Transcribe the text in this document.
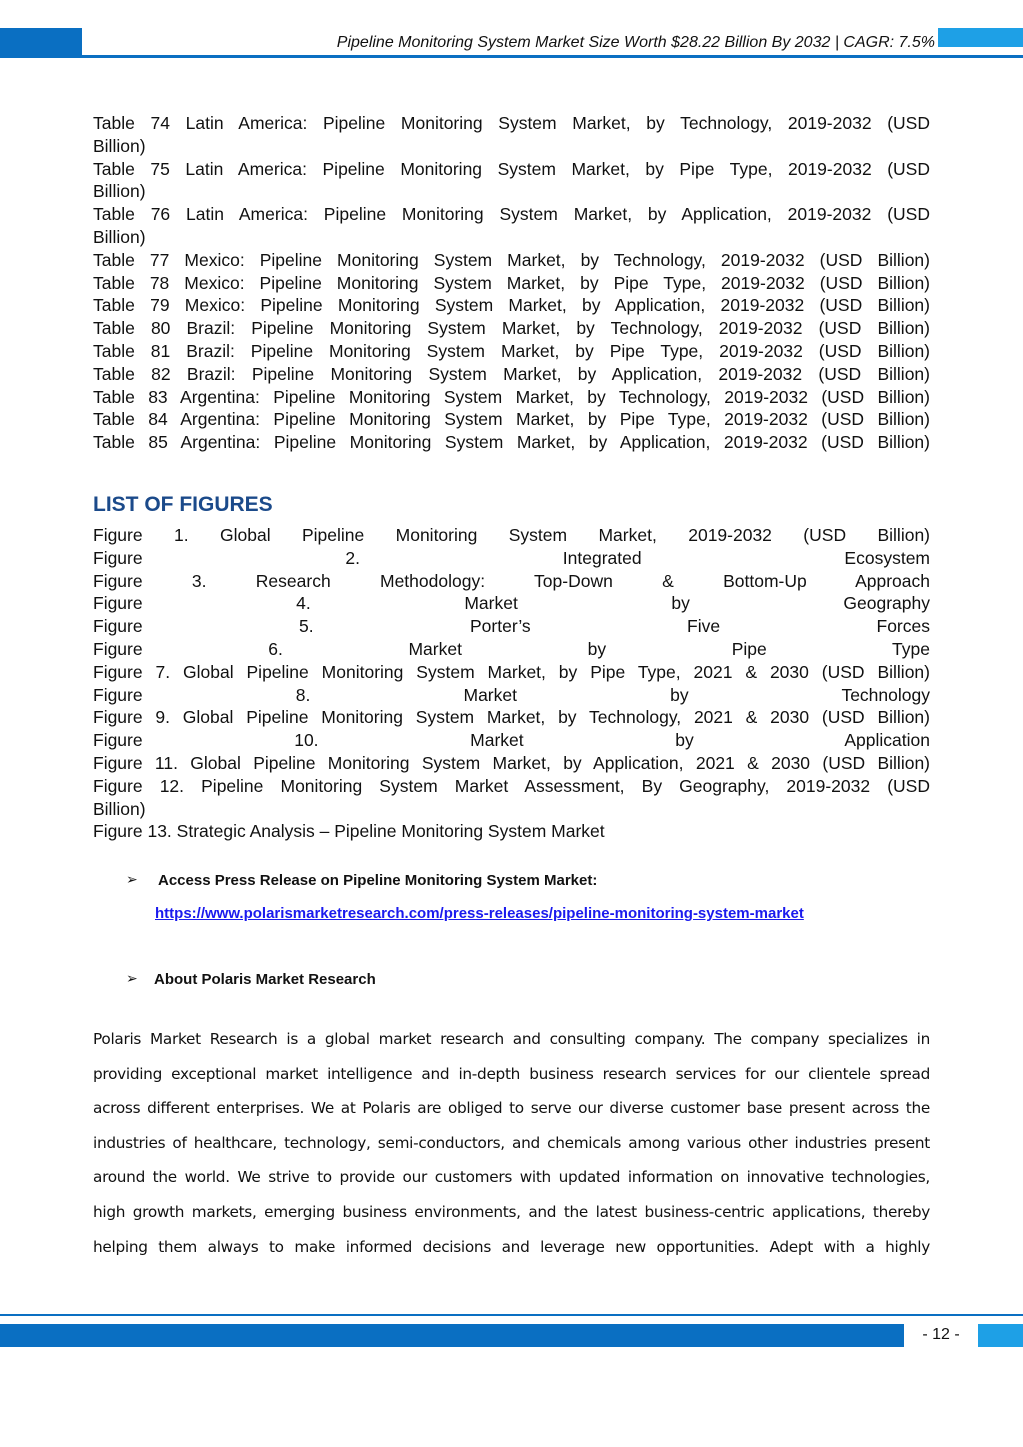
Pipeline Monitoring System Market Size Worth $28.22 Billion By 2032 | CAGR: 7.5%
Table 74 Latin America: Pipeline Monitoring System Market, by Technology, 2019-2032 (USD
Billion)
Table 75 Latin America: Pipeline Monitoring System Market, by Pipe Type, 2019-2032 (USD
Billion)
Table 76 Latin America: Pipeline Monitoring System Market, by Application, 2019-2032 (USD
Billion)
Table 77 Mexico: Pipeline Monitoring System Market, by Technology, 2019-2032 (USD Billion)
Table 78 Mexico: Pipeline Monitoring System Market, by Pipe Type, 2019-2032 (USD Billion)
Table 79 Mexico: Pipeline Monitoring System Market, by Application, 2019-2032 (USD Billion)
Table 80 Brazil: Pipeline Monitoring System Market, by Technology, 2019-2032 (USD Billion)
Table 81 Brazil: Pipeline Monitoring System Market, by Pipe Type, 2019-2032 (USD Billion)
Table 82 Brazil: Pipeline Monitoring System Market, by Application, 2019-2032 (USD Billion)
Table 83 Argentina: Pipeline Monitoring System Market, by Technology, 2019-2032 (USD Billion)
Table 84 Argentina: Pipeline Monitoring System Market, by Pipe Type, 2019-2032 (USD Billion)
Table 85 Argentina: Pipeline Monitoring System Market, by Application, 2019-2032 (USD Billion)
LIST OF FIGURES
Figure 1. Global Pipeline Monitoring System Market, 2019-2032 (USD Billion)
Figure 2. Integrated Ecosystem
Figure 3. Research Methodology: Top-Down & Bottom-Up Approach
Figure 4. Market by Geography
Figure 5. Porter’s Five Forces
Figure 6. Market by Pipe Type
Figure 7. Global Pipeline Monitoring System Market, by Pipe Type, 2021 & 2030 (USD Billion)
Figure 8. Market by Technology
Figure 9. Global Pipeline Monitoring System Market, by Technology, 2021 & 2030 (USD Billion)
Figure 10. Market by Application
Figure 11. Global Pipeline Monitoring System Market, by Application, 2021 & 2030 (USD Billion)
Figure 12. Pipeline Monitoring System Market Assessment, By Geography, 2019-2032 (USD
Billion)
Figure 13. Strategic Analysis – Pipeline Monitoring System Market
➢ Access Press Release on Pipeline Monitoring System Market:
https://www.polarismarketresearch.com/press-releases/pipeline-monitoring-system-market
➢ About Polaris Market Research
Polaris Market Research is a global market research and consulting company. The company specializes in
providing exceptional market intelligence and in-depth business research services for our clientele spread
across different enterprises. We at Polaris are obliged to serve our diverse customer base present across the
industries of healthcare, technology, semi-conductors, and chemicals among various other industries present
around the world. We strive to provide our customers with updated information on innovative technologies,
high growth markets, emerging business environments, and the latest business-centric applications, thereby
helping them always to make informed decisions and leverage new opportunities. Adept with a highly
- 12 -
